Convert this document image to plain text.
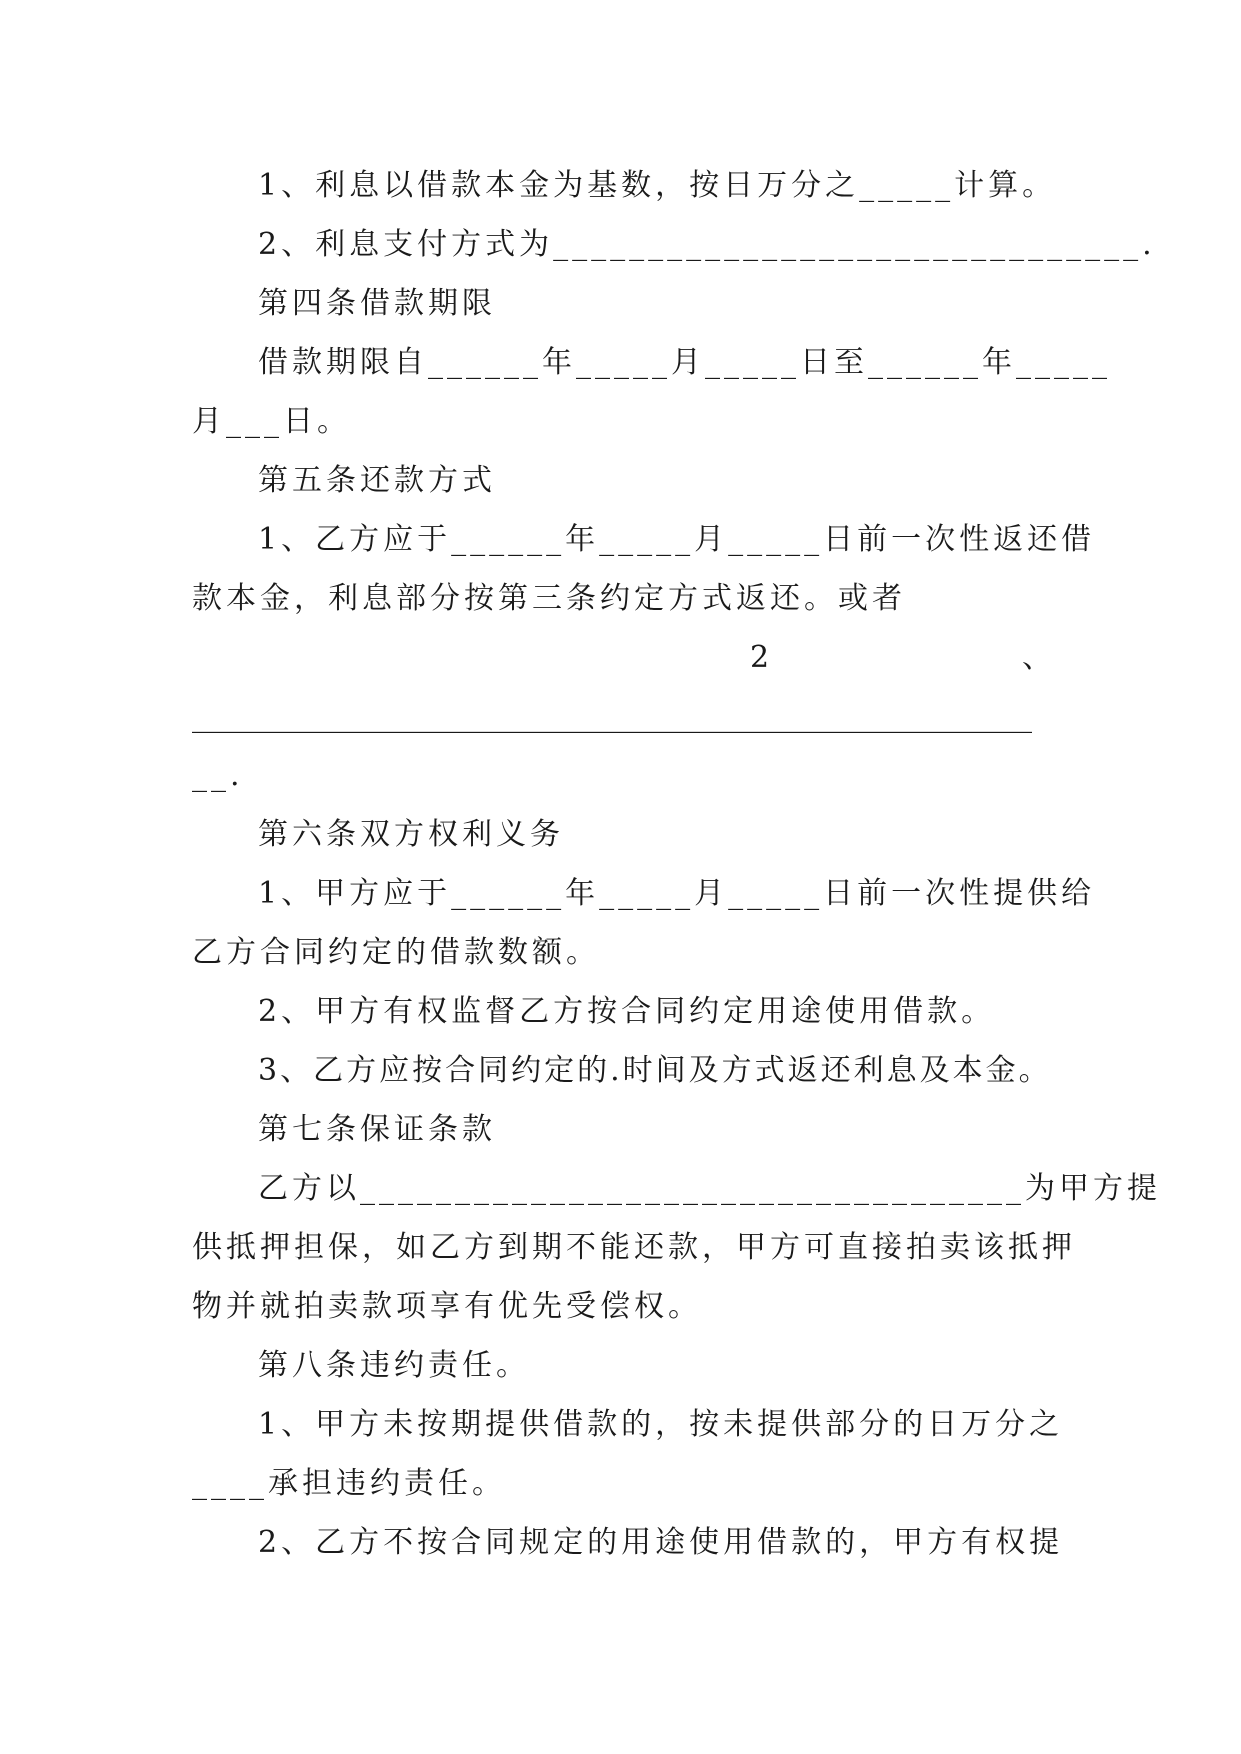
1、利息以借款本金为基数，按日万分之_____计算。
2、利息支付方式为_______________________________.
第四条借款期限
借款期限自______年_____月_____日至______年_____
月___日。
第五条还款方式
1、乙方应于______年_____月_____日前一次性返还借
款本金，利息部分按第三条约定方式返还。或者
2	、
________________________________________________________
__.
第六条双方权利义务
1、甲方应于______年_____月_____日前一次性提供给
乙方合同约定的借款数额。
2、甲方有权监督乙方按合同约定用途使用借款。
3、乙方应按合同约定的.时间及方式返还利息及本金。
第七条保证条款
乙方以___________________________________为甲方提
供抵押担保，如乙方到期不能还款，甲方可直接拍卖该抵押
物并就拍卖款项享有优先受偿权。
第八条违约责任。
1、甲方未按期提供借款的，按未提供部分的日万分之
____承担违约责任。
2、乙方不按合同规定的用途使用借款的，甲方有权提
